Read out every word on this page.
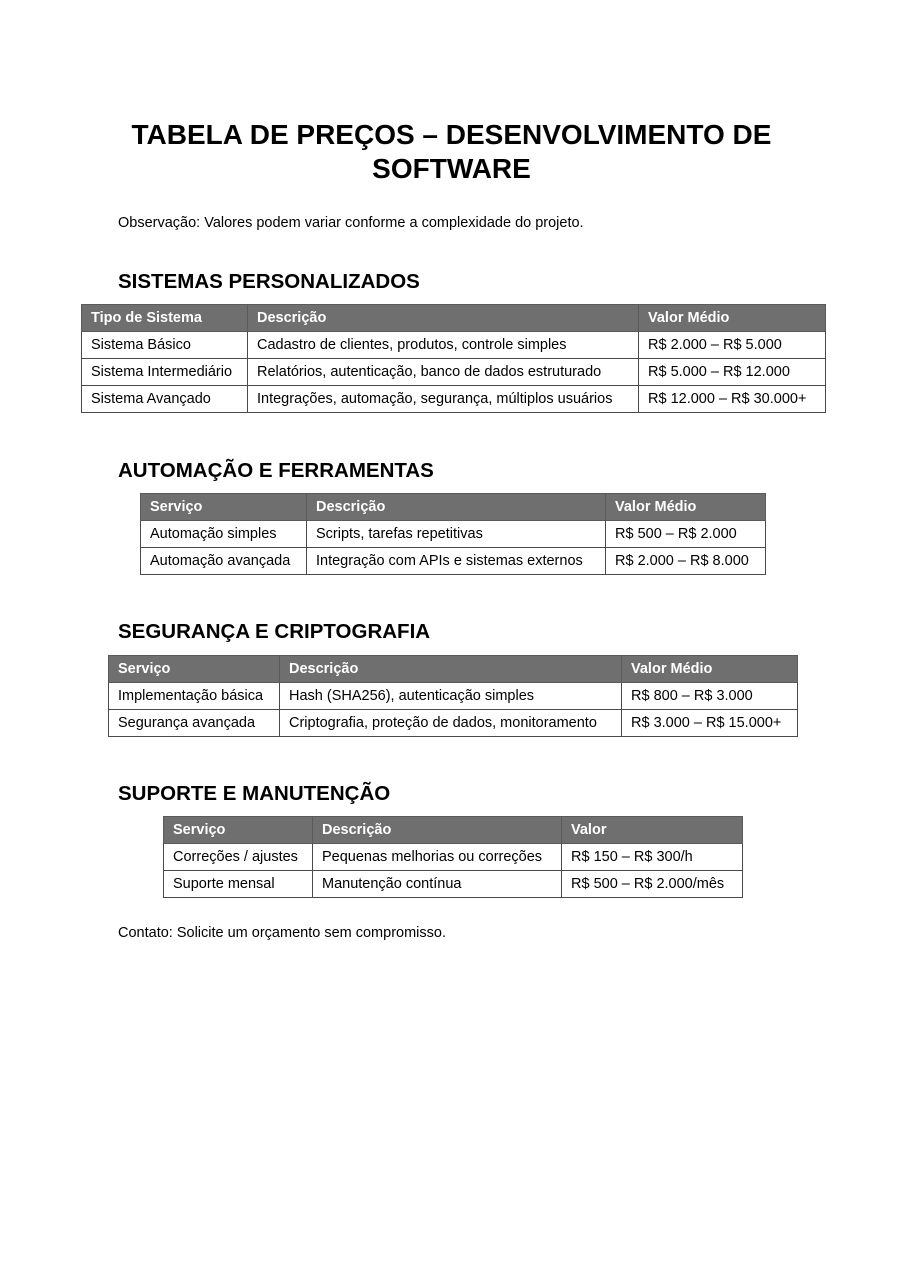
TABELA DE PREÇOS – DESENVOLVIMENTO DE
SOFTWARE

Observação: Valores podem variar conforme a complexidade do projeto.

SISTEMAS PERSONALIZADOS
Tipo de Sistema	Descrição	Valor Médio
Sistema Básico	Cadastro de clientes, produtos, controle simples	R$ 2.000 – R$ 5.000
Sistema Intermediário	Relatórios, autenticação, banco de dados estruturado	R$ 5.000 – R$ 12.000
Sistema Avançado	Integrações, automação, segurança, múltiplos usuários	R$ 12.000 – R$ 30.000+
AUTOMAÇÃO E FERRAMENTAS
Serviço	Descrição	Valor Médio
Automação simples	Scripts, tarefas repetitivas	R$ 500 – R$ 2.000
Automação avançada	Integração com APIs e sistemas externos	R$ 2.000 – R$ 8.000
SEGURANÇA E CRIPTOGRAFIA
Serviço	Descrição	Valor Médio
Implementação básica	Hash (SHA256), autenticação simples	R$ 800 – R$ 3.000
Segurança avançada	Criptografia, proteção de dados, monitoramento	R$ 3.000 – R$ 15.000+
SUPORTE E MANUTENÇÃO
Serviço	Descrição	Valor
Correções / ajustes	Pequenas melhorias ou correções	R$ 150 – R$ 300/h
Suporte mensal	Manutenção contínua	R$ 500 – R$ 2.000/mês

Contato: Solicite um orçamento sem compromisso.
